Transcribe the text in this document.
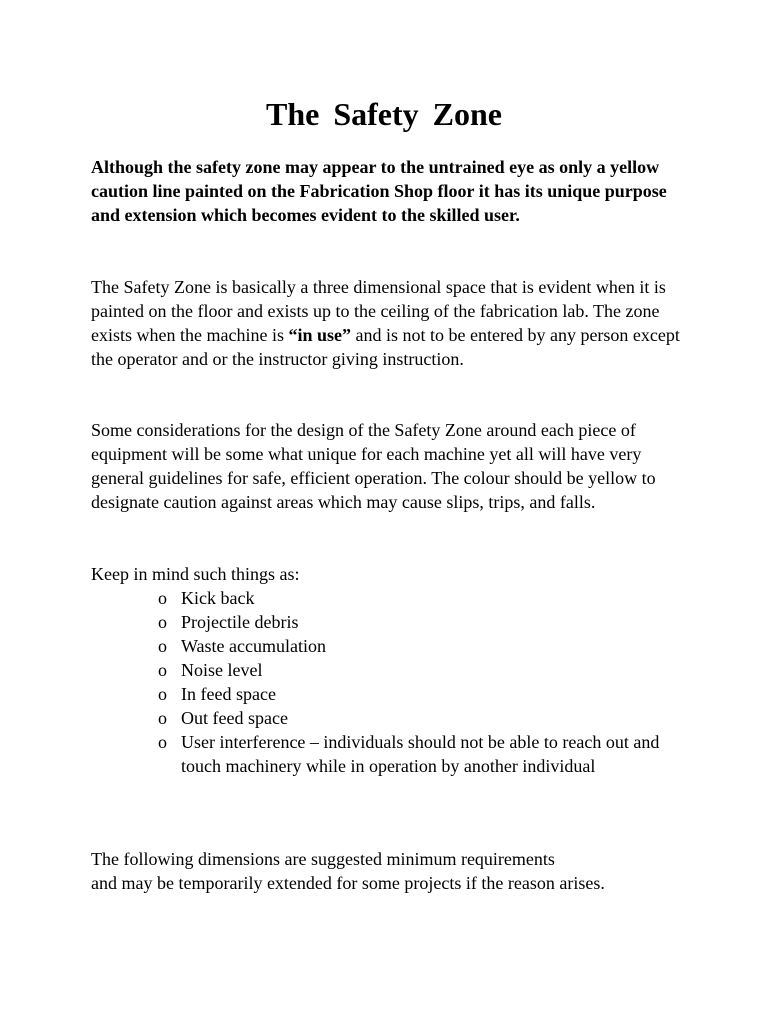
The Safety Zone

Although the safety zone may appear to the untrained eye as only a yellow caution line painted on the Fabrication Shop floor it has its unique purpose and extension which becomes evident to the skilled user.

The Safety Zone is basically a three dimensional space that is evident when it is painted on the floor and exists up to the ceiling of the fabrication lab. The zone exists when the machine is “in use” and is not to be entered by any person except the operator and or the instructor giving instruction.

Some considerations for the design of the Safety Zone around each piece of equipment will be some what unique for each machine yet all will have very general guidelines for safe, efficient operation. The colour should be yellow to designate caution against areas which may cause slips, trips, and falls.

Keep in mind such things as:

o Kick back
o Projectile debris
o Waste accumulation
o Noise level
o In feed space
o Out feed space
o User interference – individuals should not be able to reach out and touch machinery while in operation by another individual

The following dimensions are suggested minimum requirements
and may be temporarily extended for some projects if the reason arises.
